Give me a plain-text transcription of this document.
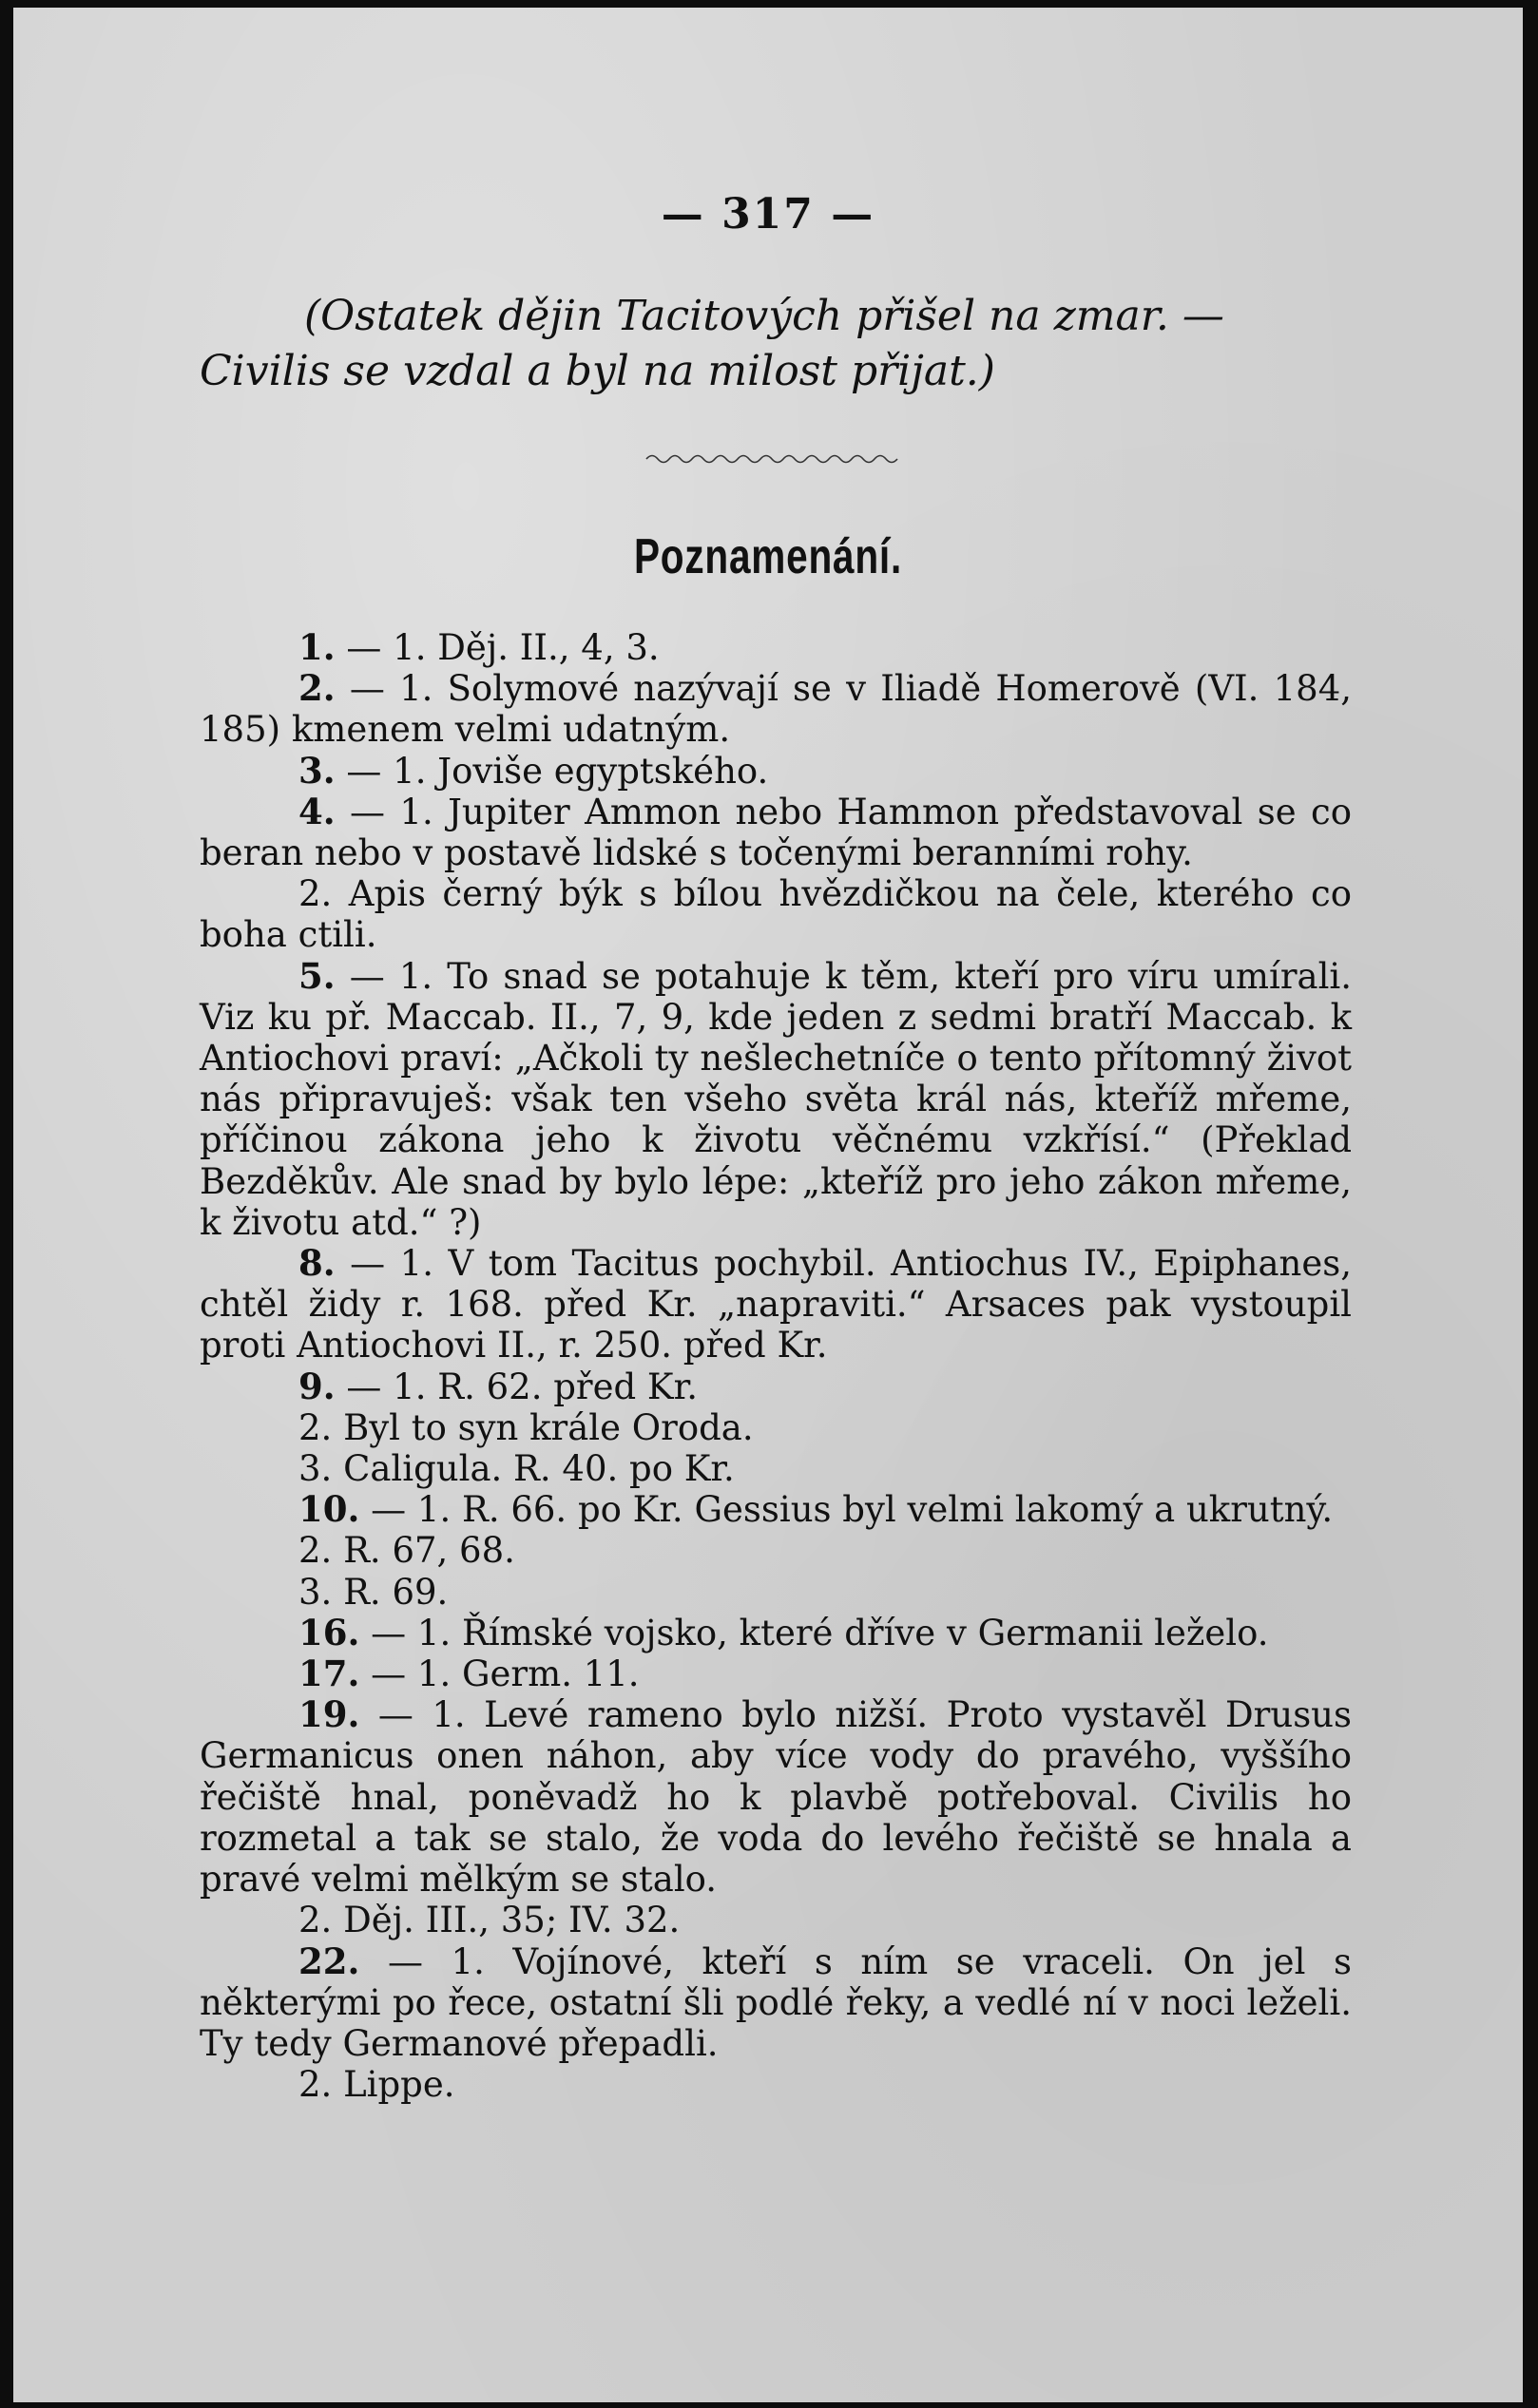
— 317 —
(Ostatek dějin Tacitových přišel na zmar. —
Civilis se vzdal a byl na milost přijat.)
Poznamenání.

1. — 1. Děj. II., 4, 3.

2. — 1. Solymové nazývají se v Iliadě Homerově (VI. 184, 185) kmenem velmi udatným.

3. — 1. Joviše egyptského.

4. — 1. Jupiter Ammon nebo Hammon představoval se co beran nebo v postavě lidské s točenými beranními rohy.

2. Apis černý býk s bílou hvězdičkou na čele, kterého co boha ctili.

5. — 1. To snad se potahuje k těm, kteří pro víru umírali. Viz ku př. Maccab. II., 7, 9, kde jeden z sedmi bratří Maccab. k Antiochovi praví: „Ačkoli ty nešlechetníče o tento přítomný život nás připravuješ: však ten všeho světa král nás, kteříž mřeme, příčinou zákona jeho k životu věčnému vzkřísí.“ (Překlad Bezděkův. Ale snad by bylo lépe: „kteříž pro jeho zákon mřeme, k životu atd.“ ?)

8. — 1. V tom Tacitus pochybil. Antiochus IV., Epiphanes, chtěl židy r. 168. před Kr. „napraviti.“ Arsaces pak vystoupil proti Antiochovi II., r. 250. před Kr.

9. — 1. R. 62. před Kr.

2. Byl to syn krále Oroda.

3. Caligula. R. 40. po Kr.

10. — 1. R. 66. po Kr. Gessius byl velmi lakomý a ukrutný.

2. R. 67, 68.

3. R. 69.

16. — 1. Římské vojsko, které dříve v Germanii leželo.

17. — 1. Germ. 11.

19. — 1. Levé rameno bylo nižší. Proto vystavěl Drusus Germanicus onen náhon, aby více vody do pravého, vyššího řečiště hnal, poněvadž ho k plavbě potřeboval. Civilis ho rozmetal a tak se stalo, že voda do levého řečiště se hnala a pravé velmi mělkým se stalo.

2. Děj. III., 35; IV. 32.

22. — 1. Vojínové, kteří s ním se vraceli. On jel s některými po řece, ostatní šli podlé řeky, a vedlé ní v noci leželi. Ty tedy Germanové přepadli.

2. Lippe.
